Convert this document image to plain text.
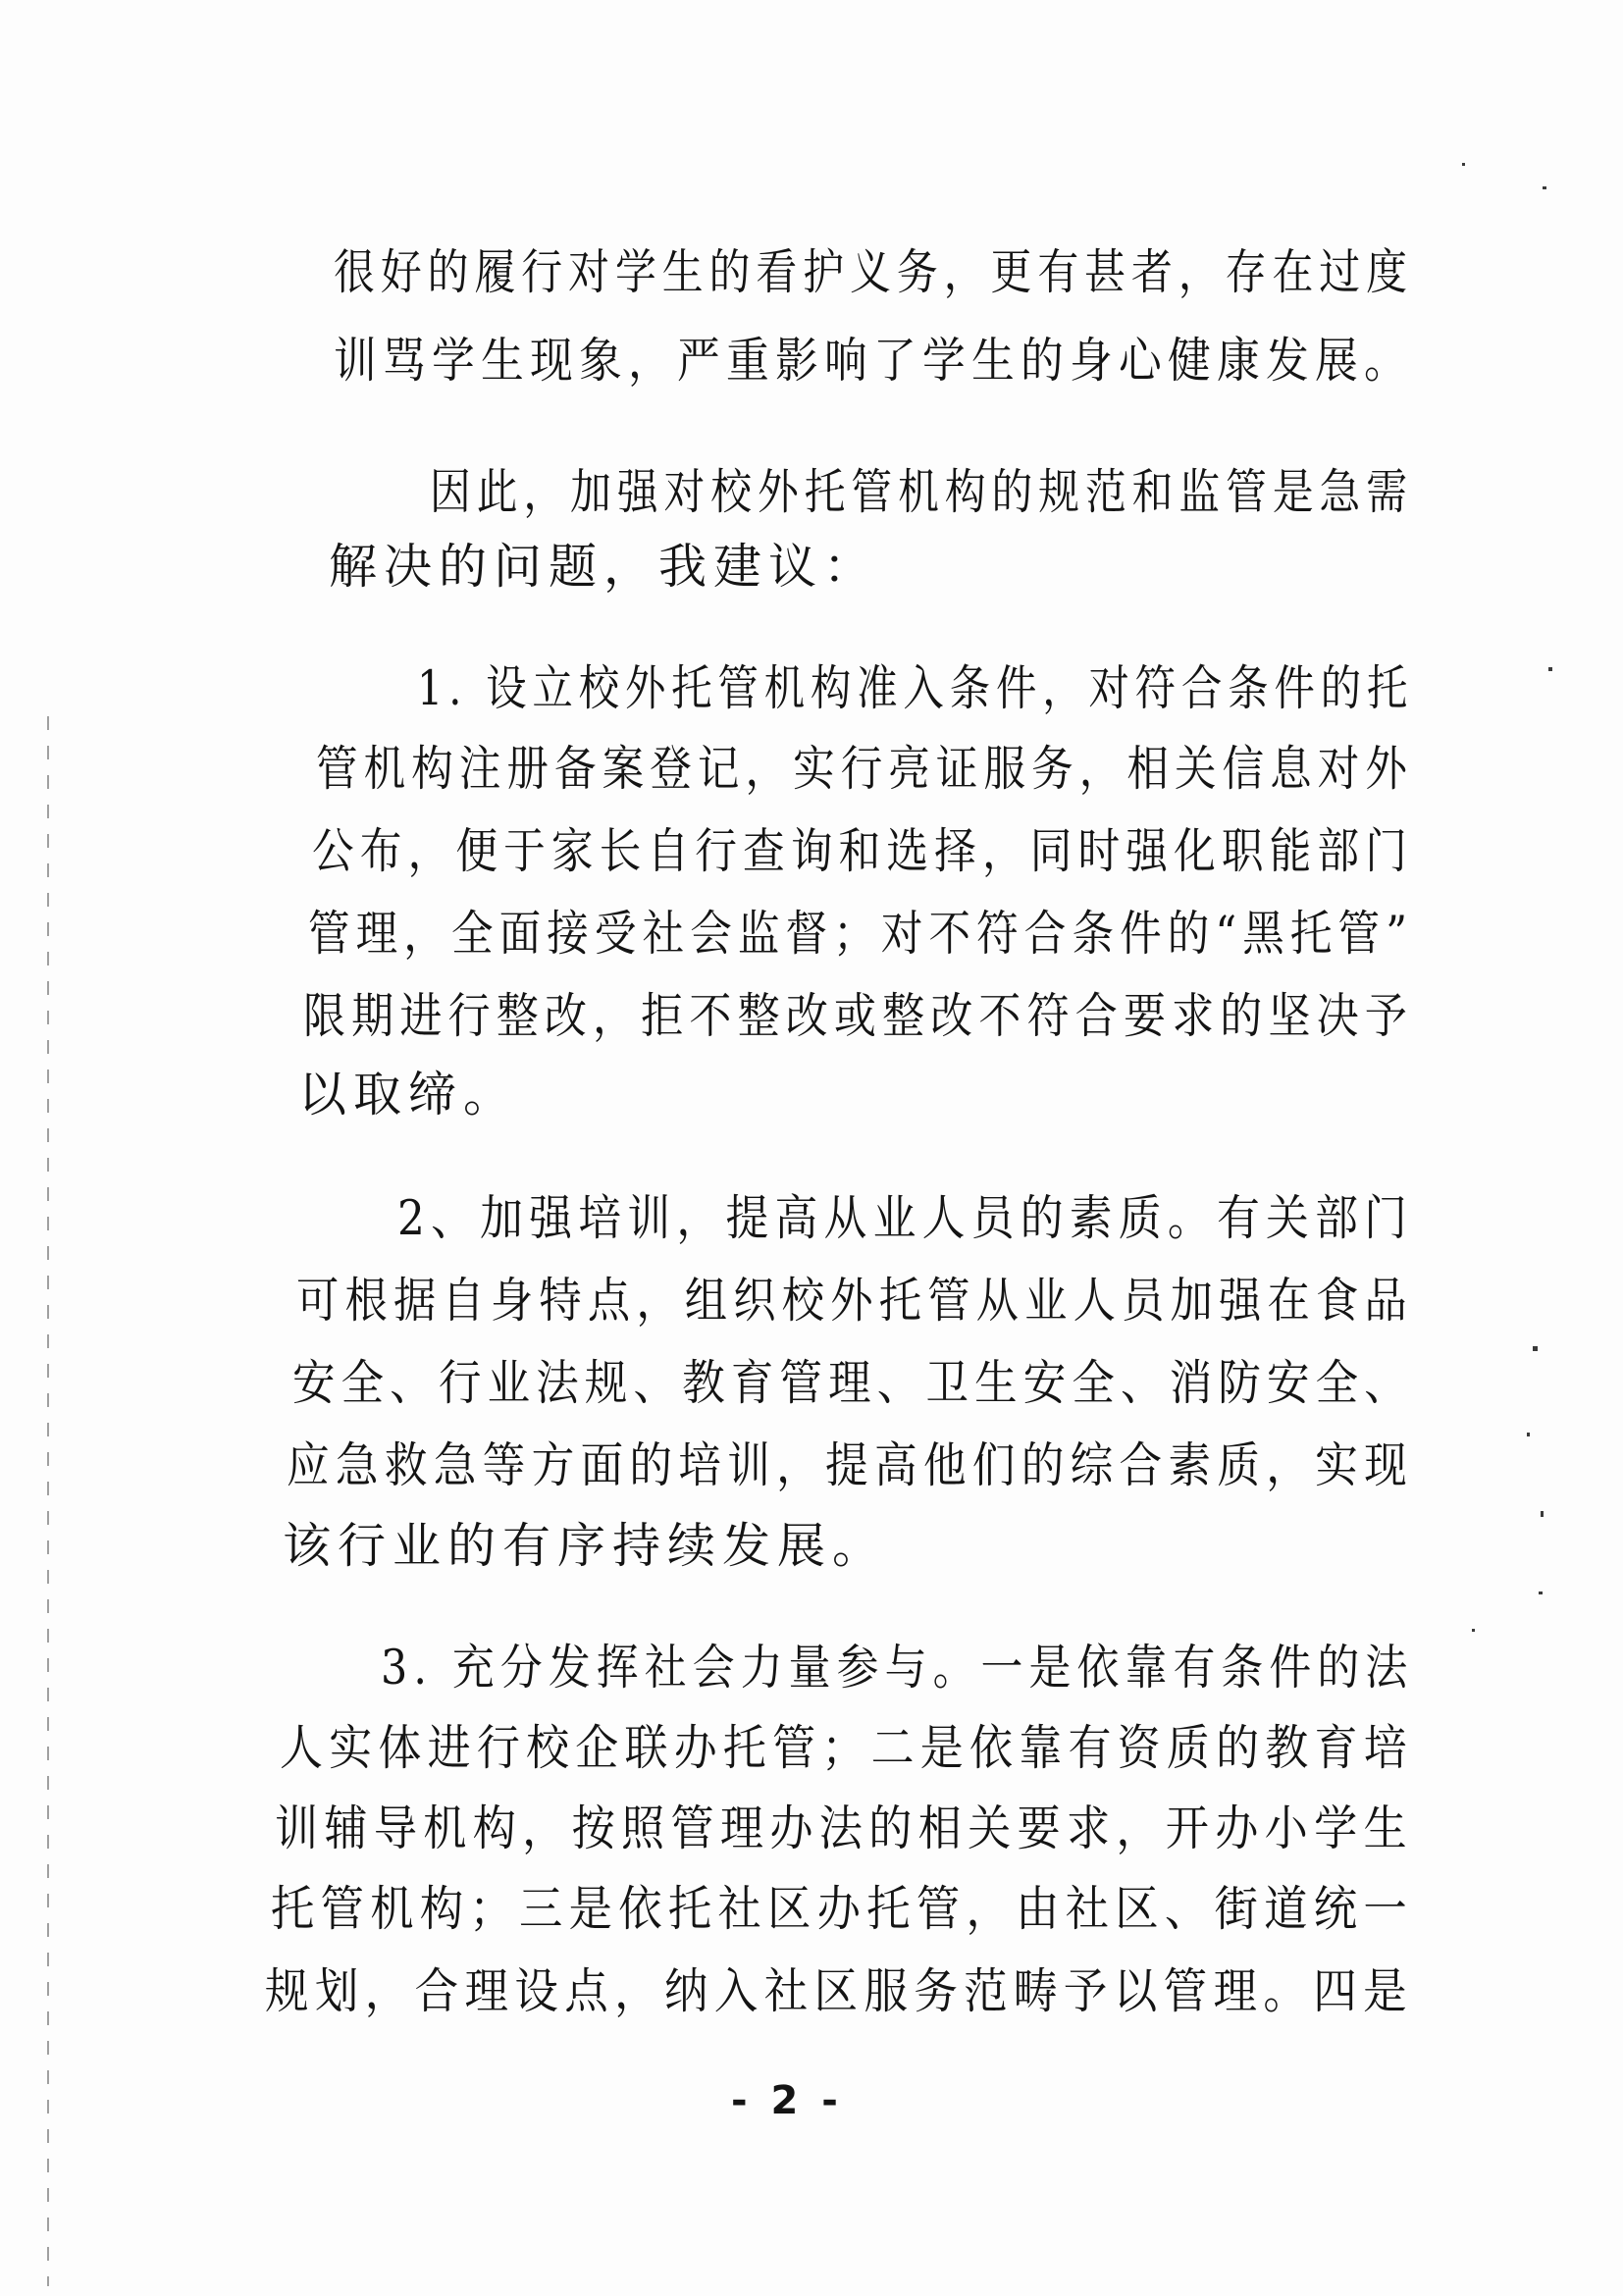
很好的履行对学生的看护义务，更有甚者，存在过度
训骂学生现象，严重影响了学生的身心健康发展。
因此，加强对校外托管机构的规范和监管是急需
解决的问题，我建议：
1. 设立校外托管机构准入条件，对符合条件的托
管机构注册备案登记，实行亮证服务，相关信息对外
公布，便于家长自行查询和选择，同时强化职能部门
管理，全面接受社会监督；对不符合条件的“黑托管”
限期进行整改，拒不整改或整改不符合要求的坚决予
以取缔。
2、加强培训，提高从业人员的素质。有关部门
可根据自身特点，组织校外托管从业人员加强在食品
安全、行业法规、教育管理、卫生安全、消防安全、
应急救急等方面的培训，提高他们的综合素质，实现
该行业的有序持续发展。
3. 充分发挥社会力量参与。一是依靠有条件的法
人实体进行校企联办托管；二是依靠有资质的教育培
训辅导机构，按照管理办法的相关要求，开办小学生
托管机构；三是依托社区办托管，由社区、街道统一
规划，合理设点，纳入社区服务范畴予以管理。四是
- 2 -
